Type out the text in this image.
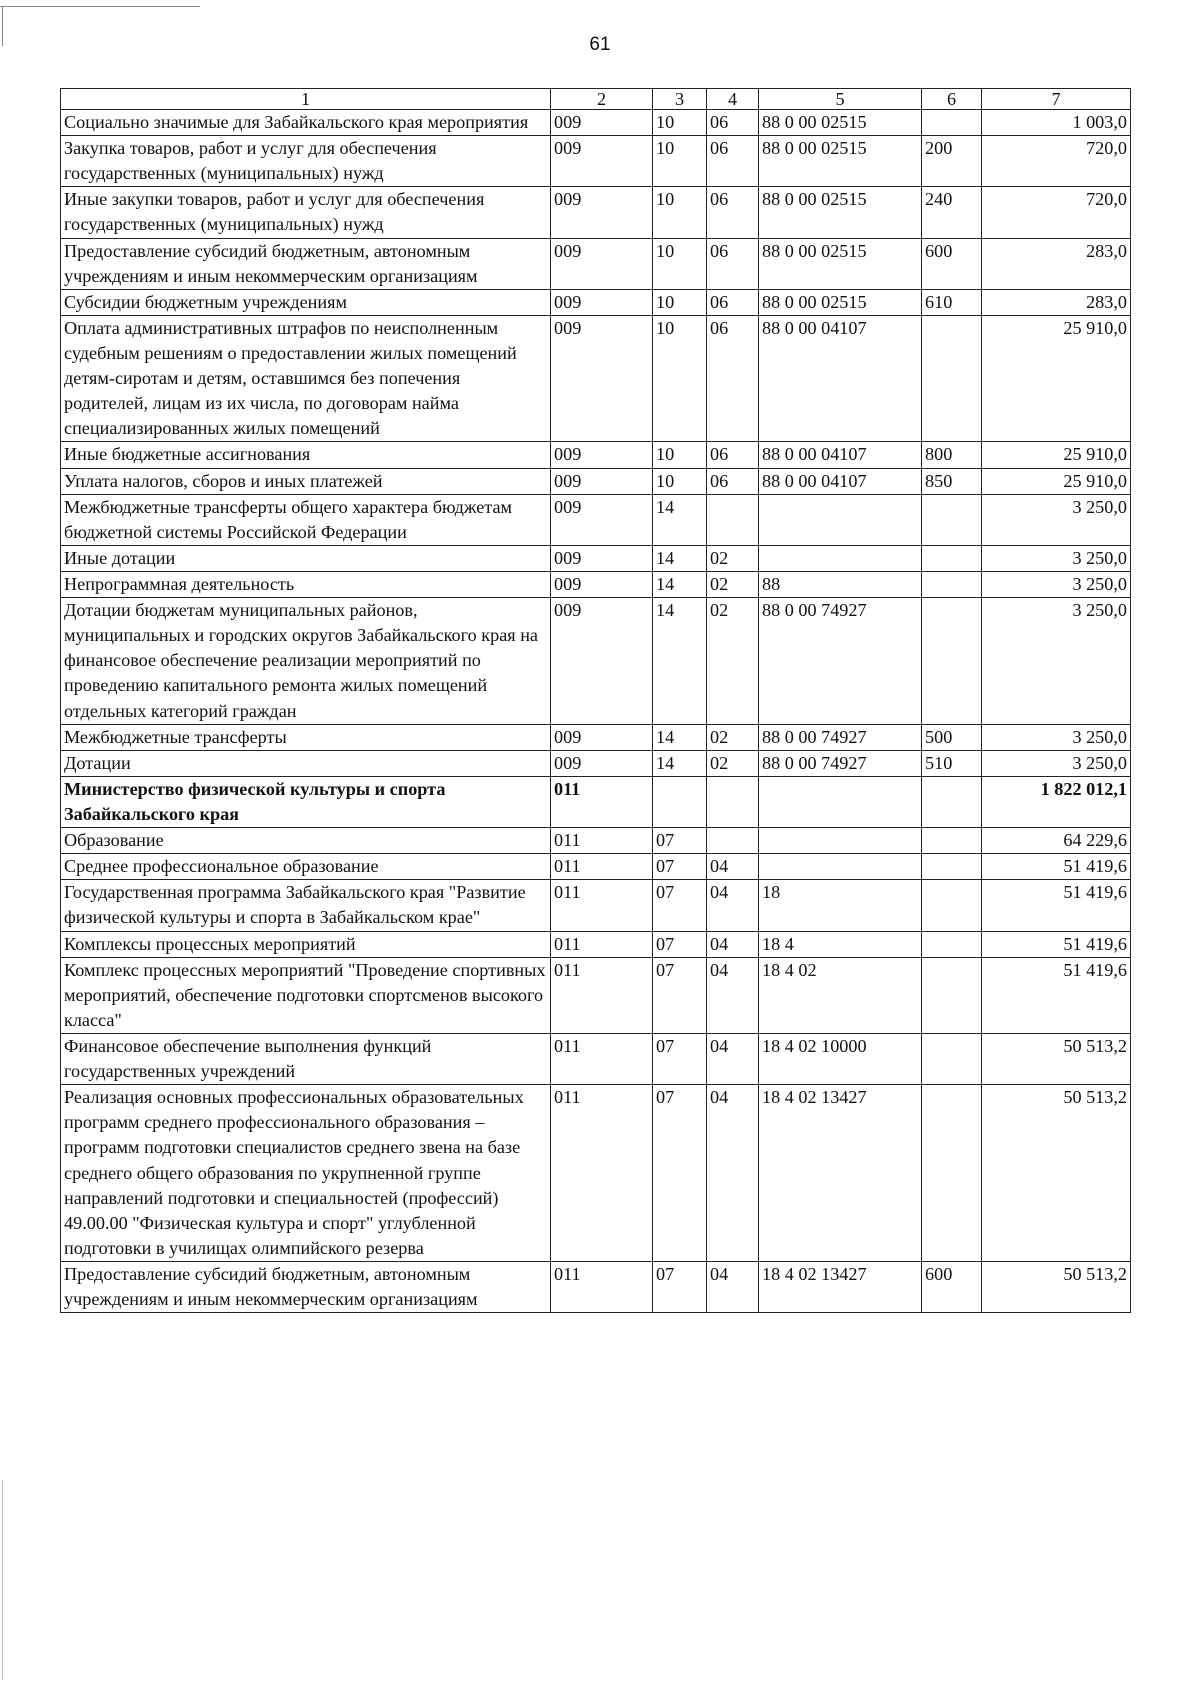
61
1	2	3	4	5	6	7
Социально значимые для Забайкальского края мероприятия	009	10	06	88 0 00 02515		1 003,0
Закупка товаров, работ и услуг для обеспечения государственных (муниципальных) нужд	009	10	06	88 0 00 02515	200	720,0
Иные закупки товаров, работ и услуг для обеспечения государственных (муниципальных) нужд	009	10	06	88 0 00 02515	240	720,0
Предоставление субсидий бюджетным, автономным учреждениям и иным некоммерческим организациям	009	10	06	88 0 00 02515	600	283,0
Субсидии бюджетным учреждениям	009	10	06	88 0 00 02515	610	283,0
Оплата административных штрафов по неисполненным судебным решениям о предоставлении жилых помещений детям-сиротам и детям, оставшимся без попечения родителей, лицам из их числа, по договорам найма специализированных жилых помещений	009	10	06	88 0 00 04107		25 910,0
Иные бюджетные ассигнования	009	10	06	88 0 00 04107	800	25 910,0
Уплата налогов, сборов и иных платежей	009	10	06	88 0 00 04107	850	25 910,0
Межбюджетные трансферты общего характера бюджетам бюджетной системы Российской Федерации	009	14				3 250,0
Иные дотации	009	14	02			3 250,0
Непрограммная деятельность	009	14	02	88		3 250,0
Дотации бюджетам муниципальных районов, муниципальных и городских округов Забайкальского края на финансовое обеспечение реализации мероприятий по проведению капитального ремонта жилых помещений отдельных категорий граждан	009	14	02	88 0 00 74927		3 250,0
Межбюджетные трансферты	009	14	02	88 0 00 74927	500	3 250,0
Дотации	009	14	02	88 0 00 74927	510	3 250,0
Министерство физической культуры и спорта Забайкальского края	011					1 822 012,1
Образование	011	07				64 229,6
Среднее профессиональное образование	011	07	04			51 419,6
Государственная программа Забайкальского края "Развитие физической культуры и спорта в Забайкальском крае"	011	07	04	18		51 419,6
Комплексы процессных мероприятий	011	07	04	18 4		51 419,6
Комплекс процессных мероприятий "Проведение спортивных мероприятий, обеспечение подготовки спортсменов высокого класса"	011	07	04	18 4 02		51 419,6
Финансовое обеспечение выполнения функций государственных учреждений	011	07	04	18 4 02 10000		50 513,2
Реализация основных профессиональных образовательных программ среднего профессионального образования – программ подготовки специалистов среднего звена на базе среднего общего образования по укрупненной группе направлений подготовки и специальностей (профессий) 49.00.00 "Физическая культура и спорт" углубленной подготовки в училищах олимпийского резерва	011	07	04	18 4 02 13427		50 513,2
Предоставление субсидий бюджетным, автономным учреждениям и иным некоммерческим организациям	011	07	04	18 4 02 13427	600	50 513,2
